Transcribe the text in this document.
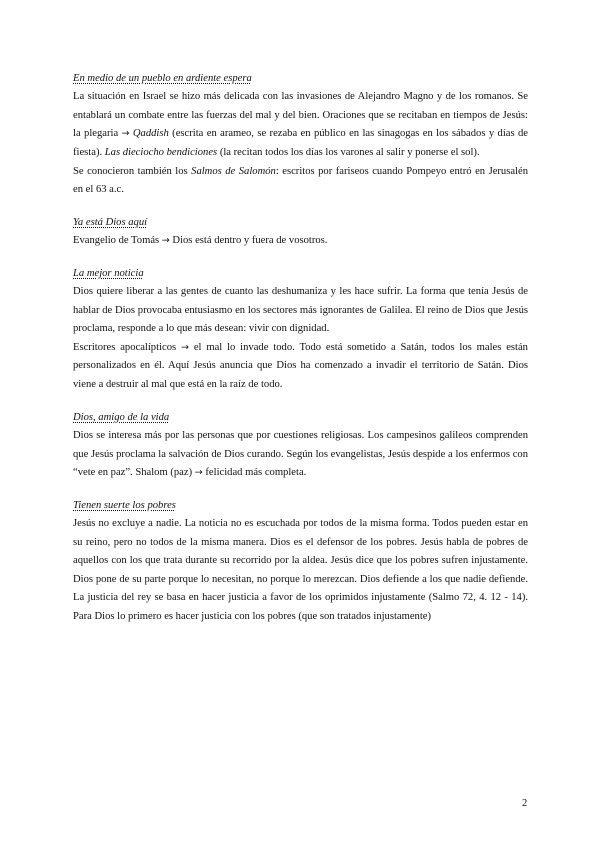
En medio de un pueblo en ardiente espera

La situación en Israel se hizo más delicada con las invasiones de Alejandro Magno y de los romanos. Se entablará un combate entre las fuerzas del mal y del bien. Oraciones que se recitaban en tiempos de Jesús: la plegaria → Qaddish (escrita en arameo, se rezaba en público en las sinagogas en los sábados y días de fiesta). Las dieciocho bendiciones (la recitan todos los días los varones al salir y ponerse el sol).

Se conocieron también los Salmos de Salomón: escritos por fariseos cuando Pompeyo entró en Jerusalén en el 63 a.c.

Ya está Dios aquí

Evangelio de Tomás → Dios está dentro y fuera de vosotros.

La mejor noticia

Dios quiere liberar a las gentes de cuanto las deshumaniza y les hace sufrir. La forma que tenía Jesús de hablar de Dios provocaba entusiasmo en los sectores más ignorantes de Galilea. El reino de Dios que Jesús proclama, responde a lo que más desean: vivir con dignidad.

Escritores apocalípticos → el mal lo invade todo. Todo está sometido a Satán, todos los males están personalizados en él. Aquí Jesús anuncia que Dios ha comenzado a invadir el territorio de Satán. Dios viene a destruir al mal que está en la raíz de todo.

Dios, amigo de la vida

Dios se interesa más por las personas que por cuestiones religiosas. Los campesinos galileos comprenden que Jesús proclama la salvación de Dios curando. Según los evangelistas, Jesús despide a los enfermos con “vete en paz”. Shalom (paz) → felicidad más completa.

Tienen suerte los pobres

Jesús no excluye a nadie. La noticia no es escuchada por todos de la misma forma. Todos pueden estar en su reino, pero no todos de la misma manera. Dios es el defensor de los pobres. Jesús habla de pobres de aquellos con los que trata durante su recorrido por la aldea. Jesús dice que los pobres sufren injustamente. Dios pone de su parte porque lo necesitan, no porque lo merezcan. Dios defiende a los que nadie defiende. La justicia del rey se basa en hacer justicia a favor de los oprimidos injustamente (Salmo 72, 4. 12 - 14). Para Dios lo primero es hacer justicia con los pobres (que son tratados injustamente)

2
